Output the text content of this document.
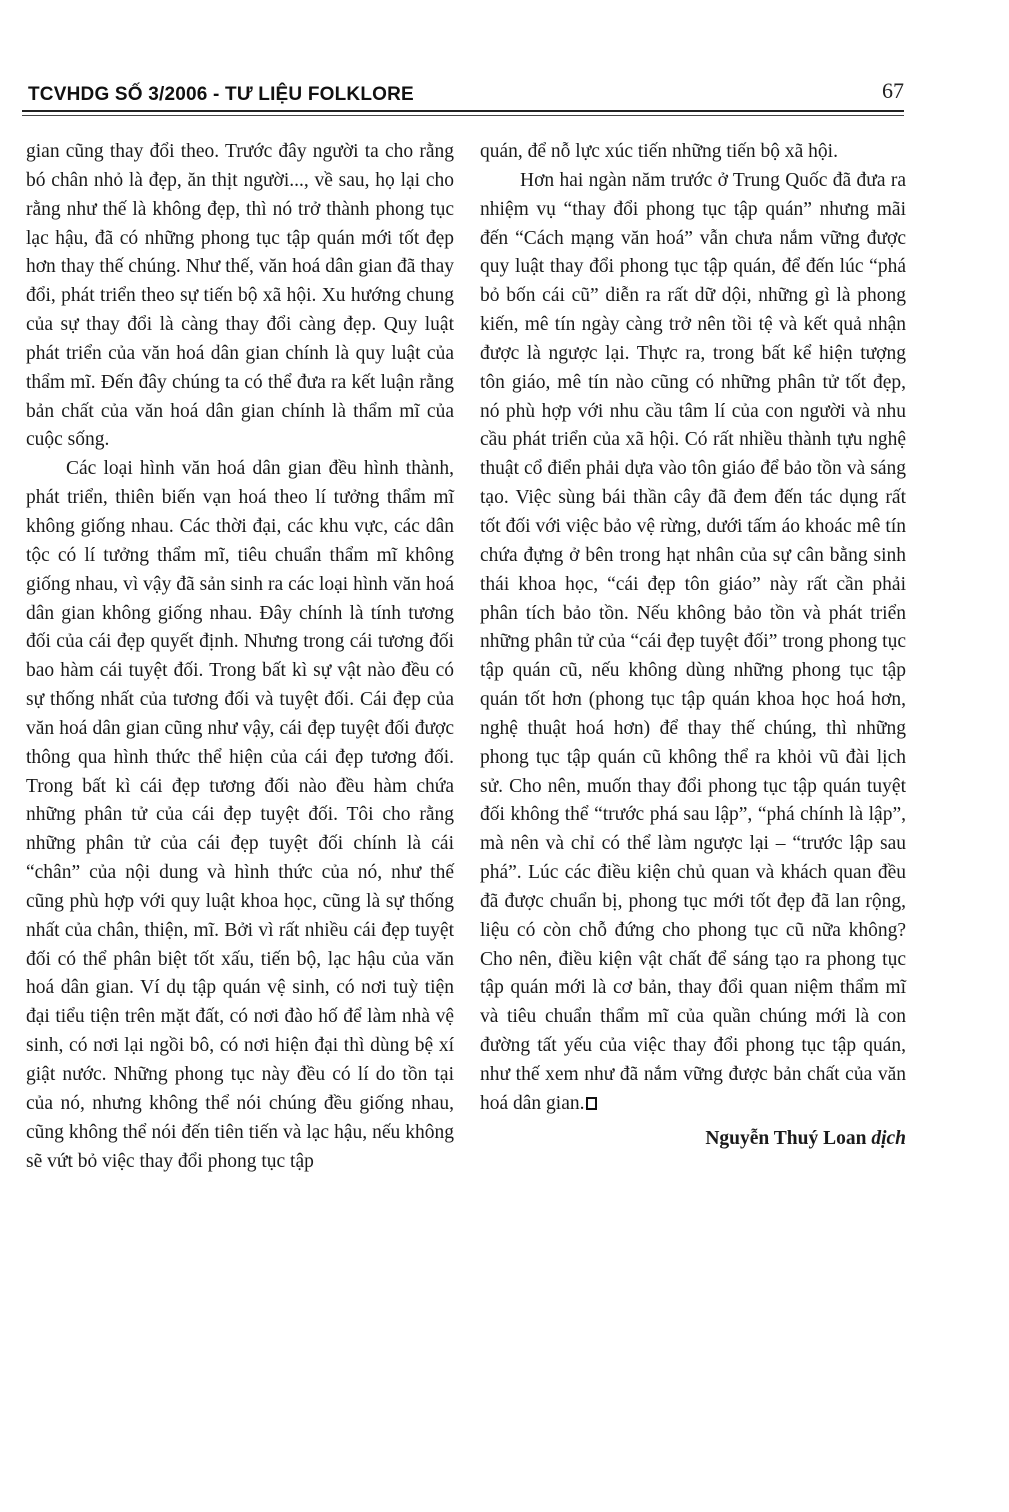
TCVHDG SỐ 3/2006 - TƯ LIỆU FOLKLORE	67

gian cũng thay đổi theo. Trước đây người ta cho rằng bó chân nhỏ là đẹp, ăn thịt người..., về sau, họ lại cho rằng như thế là không đẹp, thì nó trở thành phong tục lạc hậu, đã có những phong tục tập quán mới tốt đẹp hơn thay thế chúng. Như thế, văn hoá dân gian đã thay đổi, phát triển theo sự tiến bộ xã hội. Xu hướng chung của sự thay đổi là càng thay đổi càng đẹp. Quy luật phát triển của văn hoá dân gian chính là quy luật của thẩm mĩ. Đến đây chúng ta có thể đưa ra kết luận rằng bản chất của văn hoá dân gian chính là thẩm mĩ của cuộc sống.

Các loại hình văn hoá dân gian đều hình thành, phát triển, thiên biến vạn hoá theo lí tưởng thẩm mĩ không giống nhau. Các thời đại, các khu vực, các dân tộc có lí tưởng thẩm mĩ, tiêu chuẩn thẩm mĩ không giống nhau, vì vậy đã sản sinh ra các loại hình văn hoá dân gian không giống nhau. Đây chính là tính tương đối của cái đẹp quyết định. Nhưng trong cái tương đối bao hàm cái tuyệt đối. Trong bất kì sự vật nào đều có sự thống nhất của tương đối và tuyệt đối. Cái đẹp của văn hoá dân gian cũng như vậy, cái đẹp tuyệt đối được thông qua hình thức thể hiện của cái đẹp tương đối. Trong bất kì cái đẹp tương đối nào đều hàm chứa những phân tử của cái đẹp tuyệt đối. Tôi cho rằng những phân tử của cái đẹp tuyệt đối chính là cái “chân” của nội dung và hình thức của nó, như thế cũng phù hợp với quy luật khoa học, cũng là sự thống nhất của chân, thiện, mĩ. Bởi vì rất nhiều cái đẹp tuyệt đối có thể phân biệt tốt xấu, tiến bộ, lạc hậu của văn hoá dân gian. Ví dụ tập quán vệ sinh, có nơi tuỳ tiện đại tiểu tiện trên mặt đất, có nơi đào hố để làm nhà vệ sinh, có nơi lại ngồi bô, có nơi hiện đại thì dùng bệ xí giật nước. Những phong tục này đều có lí do tồn tại của nó, nhưng không thể nói chúng đều giống nhau, cũng không thể nói đến tiên tiến và lạc hậu, nếu không sẽ vứt bỏ việc thay đổi phong tục tập

quán, để nỗ lực xúc tiến những tiến bộ xã hội.

Hơn hai ngàn năm trước ở Trung Quốc đã đưa ra nhiệm vụ “thay đổi phong tục tập quán” nhưng mãi đến “Cách mạng văn hoá” vẫn chưa nắm vững được quy luật thay đổi phong tục tập quán, để đến lúc “phá bỏ bốn cái cũ” diễn ra rất dữ dội, những gì là phong kiến, mê tín ngày càng trở nên tồi tệ và kết quả nhận được là ngược lại. Thực ra, trong bất kể hiện tượng tôn giáo, mê tín nào cũng có những phân tử tốt đẹp, nó phù hợp với nhu cầu tâm lí của con người và nhu cầu phát triển của xã hội. Có rất nhiều thành tựu nghệ thuật cổ điển phải dựa vào tôn giáo để bảo tồn và sáng tạo. Việc sùng bái thần cây đã đem đến tác dụng rất tốt đối với việc bảo vệ rừng, dưới tấm áo khoác mê tín chứa đựng ở bên trong hạt nhân của sự cân bằng sinh thái khoa học, “cái đẹp tôn giáo” này rất cần phải phân tích bảo tồn. Nếu không bảo tồn và phát triển những phân tử của “cái đẹp tuyệt đối” trong phong tục tập quán cũ, nếu không dùng những phong tục tập quán tốt hơn (phong tục tập quán khoa học hoá hơn, nghệ thuật hoá hơn) để thay thế chúng, thì những phong tục tập quán cũ không thể ra khỏi vũ đài lịch sử. Cho nên, muốn thay đổi phong tục tập quán tuyệt đối không thể “trước phá sau lập”, “phá chính là lập”, mà nên và chỉ có thể làm ngược lại – “trước lập sau phá”. Lúc các điều kiện chủ quan và khách quan đều đã được chuẩn bị, phong tục mới tốt đẹp đã lan rộng, liệu có còn chỗ đứng cho phong tục cũ nữa không? Cho nên, điều kiện vật chất để sáng tạo ra phong tục tập quán mới là cơ bản, thay đổi quan niệm thẩm mĩ và tiêu chuẩn thẩm mĩ của quần chúng mới là con đường tất yếu của việc thay đổi phong tục tập quán, như thế xem như đã nắm vững được bản chất của văn hoá dân gian.

Nguyễn Thuý Loan dịch
